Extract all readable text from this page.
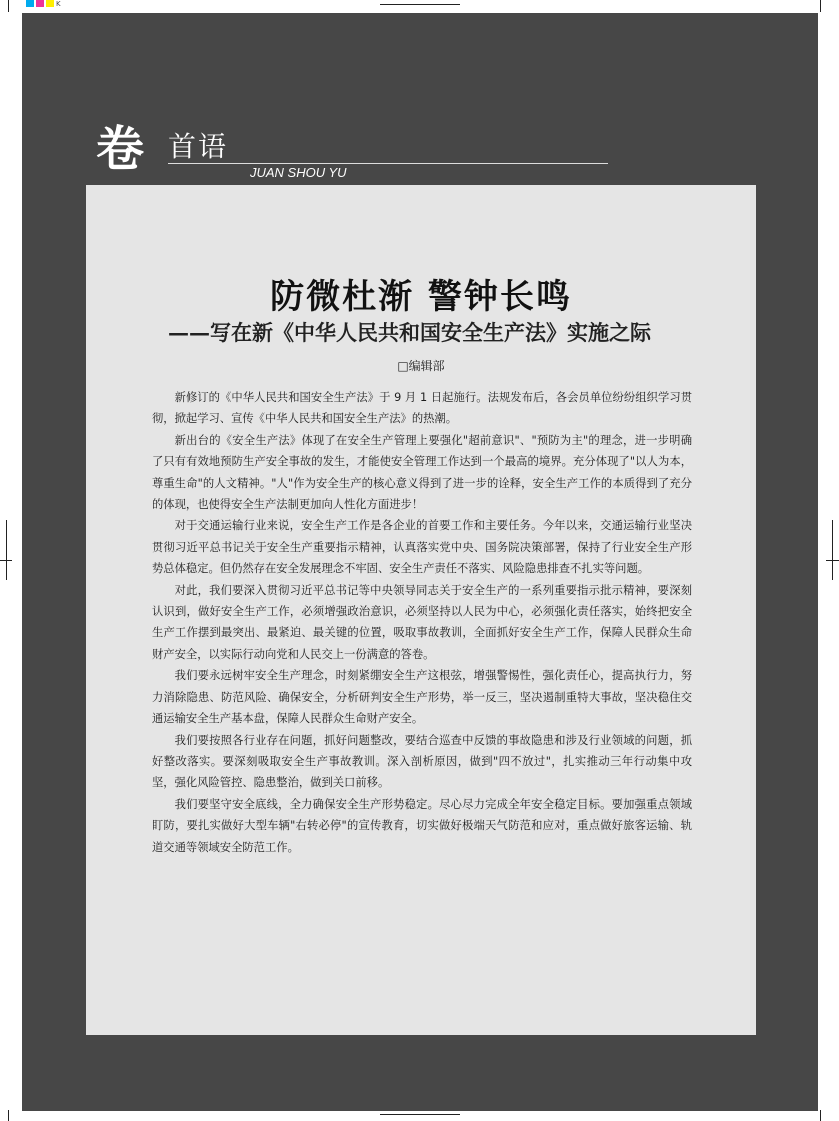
K
卷 首语
JUAN SHOU YU
防微杜渐 警钟长鸣
——写在新《中华人民共和国安全生产法》实施之际
□编辑部

新修订的《中华人民共和国安全生产法》于 9 月 1 日起施行。法规发布后，各会员单位纷纷组织学习贯彻，掀起学习、宣传《中华人民共和国安全生产法》的热潮。

新出台的《安全生产法》体现了在安全生产管理上要强化"超前意识"、"预防为主"的理念，进一步明确了只有有效地预防生产安全事故的发生，才能使安全管理工作达到一个最高的境界。充分体现了"以人为本，尊重生命"的人文精神。"人"作为安全生产的核心意义得到了进一步的诠释，安全生产工作的本质得到了充分的体现，也使得安全生产法制更加向人性化方面进步！

对于交通运输行业来说，安全生产工作是各企业的首要工作和主要任务。今年以来，交通运输行业坚决贯彻习近平总书记关于安全生产重要指示精神，认真落实党中央、国务院决策部署，保持了行业安全生产形势总体稳定。但仍然存在安全发展理念不牢固、安全生产责任不落实、风险隐患排查不扎实等问题。

对此，我们要深入贯彻习近平总书记等中央领导同志关于安全生产的一系列重要指示批示精神，要深刻认识到，做好安全生产工作，必须增强政治意识，必须坚持以人民为中心，必须强化责任落实，始终把安全生产工作摆到最突出、最紧迫、最关键的位置，吸取事故教训，全面抓好安全生产工作，保障人民群众生命财产安全，以实际行动向党和人民交上一份满意的答卷。

我们要永远树牢安全生产理念，时刻紧绷安全生产这根弦，增强警惕性，强化责任心，提高执行力，努力消除隐患、防范风险、确保安全，分析研判安全生产形势，举一反三，坚决遏制重特大事故，坚决稳住交通运输安全生产基本盘，保障人民群众生命财产安全。

我们要按照各行业存在问题，抓好问题整改，要结合巡查中反馈的事故隐患和涉及行业领域的问题，抓好整改落实。要深刻吸取安全生产事故教训。深入剖析原因，做到"四不放过"，扎实推动三年行动集中攻坚，强化风险管控、隐患整治，做到关口前移。

我们要坚守安全底线，全力确保安全生产形势稳定。尽心尽力完成全年安全稳定目标。要加强重点领域盯防，要扎实做好大型车辆"右转必停"的宣传教育，切实做好极端天气防范和应对，重点做好旅客运输、轨道交通等领域安全防范工作。
